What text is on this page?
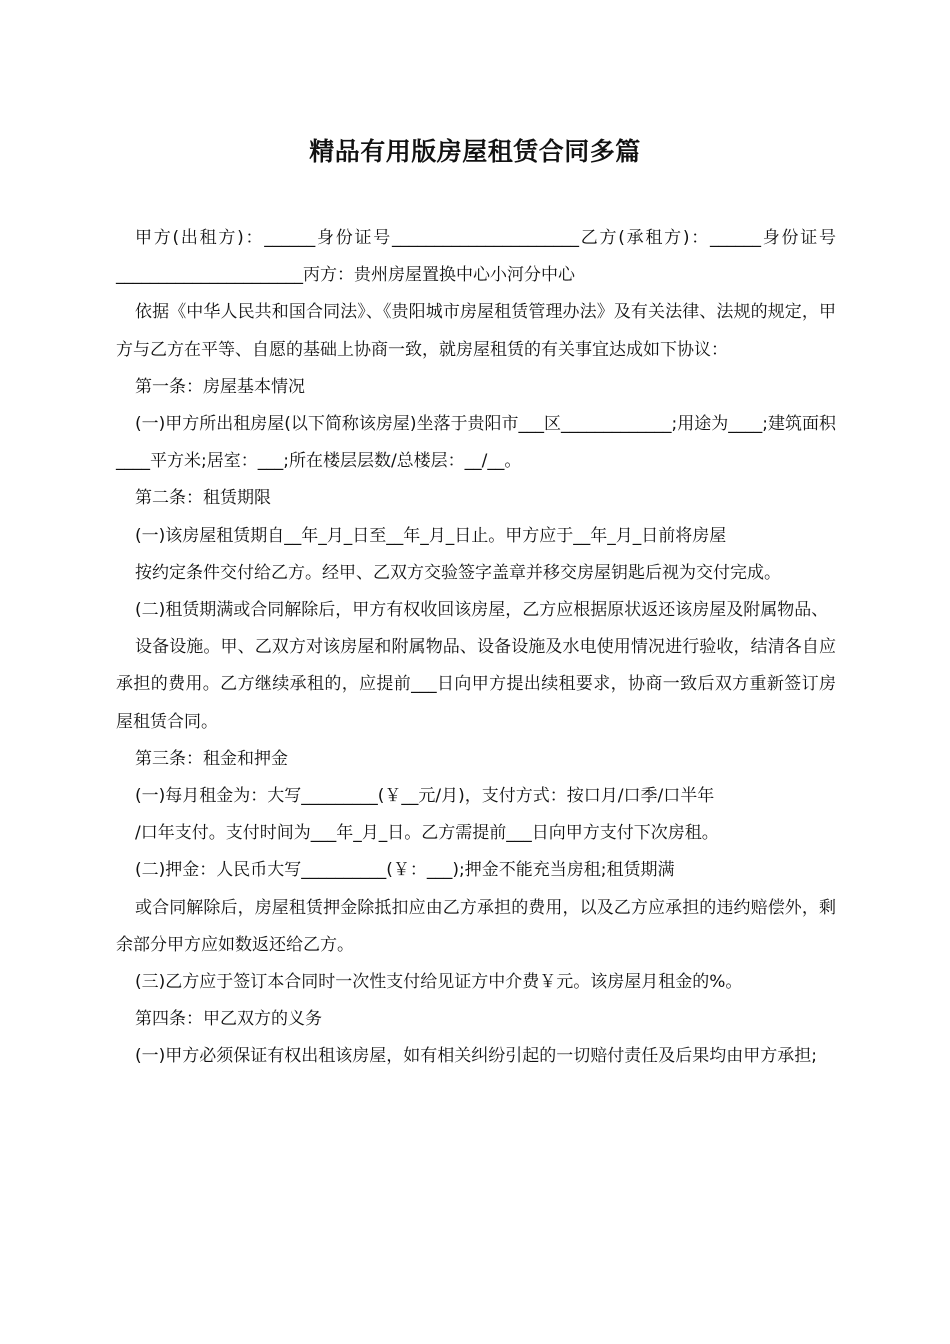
精品有用版房屋租赁合同多篇

甲方(出租方)：______身份证号______________________乙方(承租方)：______身份证号______________________丙方：贵州房屋置换中心小河分中心

依据《中华人民共和国合同法》、《贵阳城市房屋租赁管理办法》及有关法律、法规的规定，甲方与乙方在平等、自愿的基础上协商一致，就房屋租赁的有关事宜达成如下协议：

第一条：房屋基本情况

(一)甲方所出租房屋(以下简称该房屋)坐落于贵阳市___区_____________;用途为____;建筑面积____平方米;居室：___;所在楼层层数/总楼层：__/__。

第二条：租赁期限

(一)该房屋租赁期自__年_月_日至__年_月_日止。甲方应于__年_月_日前将房屋

按约定条件交付给乙方。经甲、乙双方交验签字盖章并移交房屋钥匙后视为交付完成。

(二)租赁期满或合同解除后，甲方有权收回该房屋，乙方应根据原状返还该房屋及附属物品、

设备设施。甲、乙双方对该房屋和附属物品、设备设施及水电使用情况进行验收，结清各自应承担的费用。乙方继续承租的，应提前___日向甲方提出续租要求，协商一致后双方重新签订房屋租赁合同。

第三条：租金和押金

(一)每月租金为：大写_________(￥__元/月)，支付方式：按口月/口季/口半年

/口年支付。支付时间为___年_月_日。乙方需提前___日向甲方支付下次房租。

(二)押金：人民币大写__________(￥：___);押金不能充当房租;租赁期满

或合同解除后，房屋租赁押金除抵扣应由乙方承担的费用，以及乙方应承担的违约赔偿外，剩余部分甲方应如数返还给乙方。

(三)乙方应于签订本合同时一次性支付给见证方中介费￥元。该房屋月租金的%。

第四条：甲乙双方的义务

(一)甲方必须保证有权出租该房屋，如有相关纠纷引起的一切赔付责任及后果均由甲方承担;
